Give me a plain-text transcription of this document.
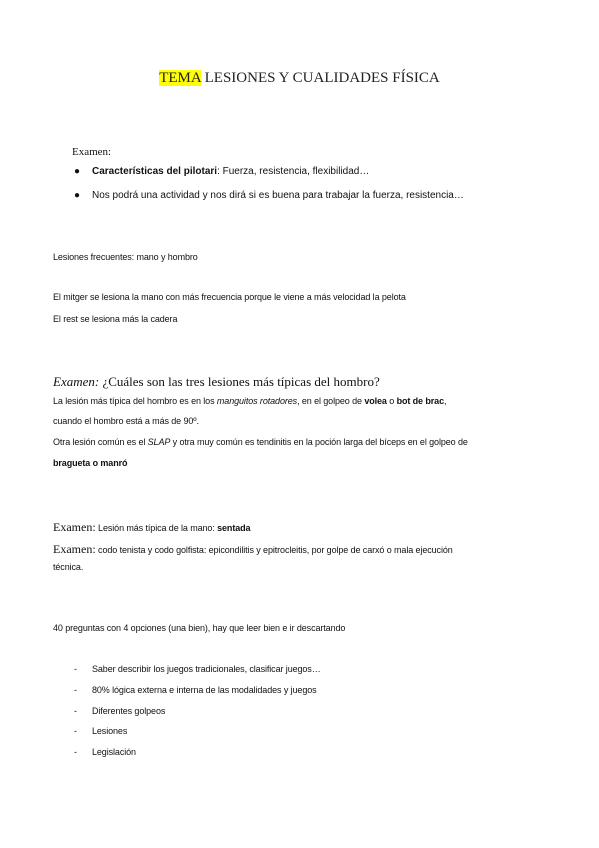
TEMA LESIONES Y CUALIDADES FÍSICA
Examen:
● Características del pilotari: Fuerza, resistencia, flexibilidad…
● Nos podrá una actividad y nos dirá si es buena para trabajar la fuerza, resistencia…
Lesiones frecuentes: mano y hombro
El mitger se lesiona la mano con más frecuencia porque le viene a más velocidad la pelota
El rest se lesiona más la cadera
Examen: ¿Cuáles son las tres lesiones más típicas del hombro?
La lesión más típica del hombro es en los manguitos rotadores, en el golpeo de volea o bot de brac,
cuando el hombro está a más de 90º.
Otra lesión común es el SLAP y otra muy común es tendinitis en la poción larga del bíceps en el golpeo de
bragueta o manró
Examen: Lesión más típica de la mano: sentada
Examen: codo tenista y codo golfista: epicondilitis y epitrocleitis, por golpe de carxó o mala ejecución
técnica.
40 preguntas con 4 opciones (una bien), hay que leer bien e ir descartando
- Saber describir los juegos tradicionales, clasificar juegos…
- 80% lógica externa e interna de las modalidades y juegos
- Diferentes golpeos
- Lesiones
- Legislación
